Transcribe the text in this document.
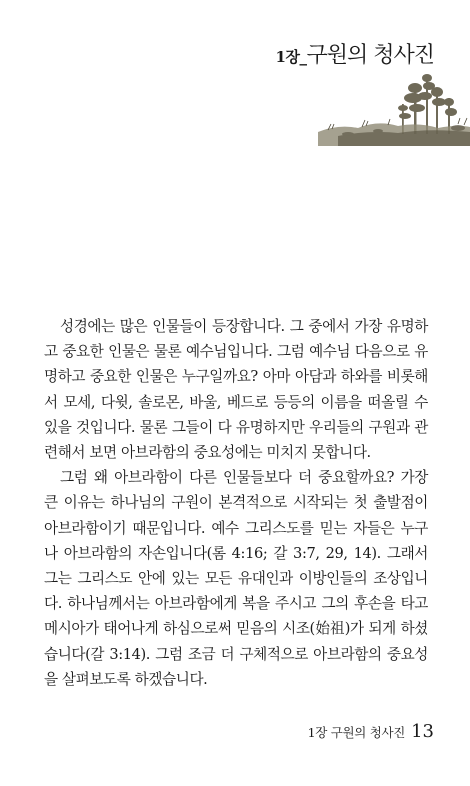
1장_구원의 청사진

성경에는 많은 인물들이 등장합니다. 그 중에서 가장 유명하고 중요한 인물은 물론 예수님입니다. 그럼 예수님 다음으로 유명하고 중요한 인물은 누구일까요? 아마 아담과 하와를 비롯해서 모세, 다윗, 솔로몬, 바울, 베드로 등등의 이름을 떠올릴 수 있을 것입니다. 물론 그들이 다 유명하지만 우리들의 구원과 관련해서 보면 아브라함의 중요성에는 미치지 못합니다.

그럼 왜 아브라함이 다른 인물들보다 더 중요할까요? 가장 큰 이유는 하나님의 구원이 본격적으로 시작되는 첫 출발점이 아브라함이기 때문입니다. 예수 그리스도를 믿는 자들은 누구나 아브라함의 자손입니다(롬 4:16; 갈 3:7, 29, 14). 그래서 그는 그리스도 안에 있는 모든 유대인과 이방인들의 조상입니다. 하나님께서는 아브라함에게 복을 주시고 그의 후손을 타고 메시아가 태어나게 하심으로써 믿음의 시조(始祖)가 되게 하셨습니다(갈 3:14). 그럼 조금 더 구체적으로 아브라함의 중요성을 살펴보도록 하겠습니다.

1장 구원의 청사진 13
